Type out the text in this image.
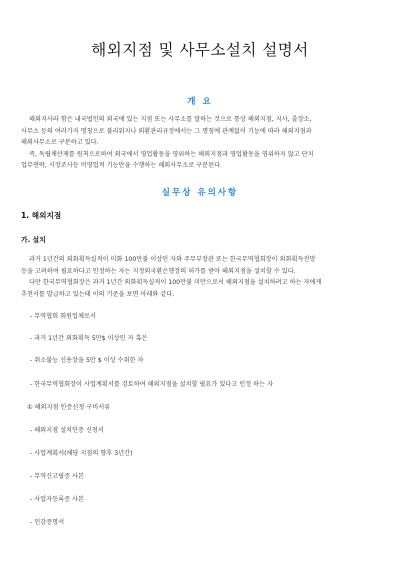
해외지점 및 사무소설치 설명서
개 요
해외지사라 함은 내국법인의 외국에 있는 지점 또는 사무소를 말하는 것으로 통상 해외지점, 지사, 출장소,
사무소 등의 여러가지 명칭으로 불리워지나 외환관리규정에서는 그 명칭에 관계없이 기능에 따라 해외지점과
해외사무소로 구분하고 있다.
즉, 독립채산제를 원칙으로하여 외국에서 영업활동을 영위하는 해외지점과 영업활동을 영위하지 않고 단지
업무연락, 시장조사등 비영업적 기능만을 수행하는 해외사무소로 구분된다.
실무상 유의사항
1. 해외지점
가. 설치
과거 1년간의 외화획득실적이 미화 100만불 이상인 자와 주무부장관 또는 한국무역협회장이 외화획득전망
등을 고려하여 필요하다고 인정하는 자는 지정외국환은행장의 허가를 받아 해외지점을 설치할 수 있다.
다만 한국무역협회장은 과거 1년간 외화획득실적이 100만불 미만으로서 해외지점을 설치하려고 하는 자에게
추천서를 발급하고 있는데 이의 기준을 보면 아래와 같다.
- 무역협회 회원업체로서
- 과거 1년간 외화획득 5만$ 이상인 자 혹은
- 취소불능 신용장을 5만 $ 이상 수취한 자
- 한국무역협회장이 사업계획서를 검토하여 해외지점을 설치할 필요가 있다고 인정 하는 자
① 해외지점 인증신청 구비서류
- 해외지점 설치인증 신청서
- 사업계획서(해당 지점의 향후 3년간)
- 무역신고필증 사본
- 사업자등록증 사본
- 인감증명서
